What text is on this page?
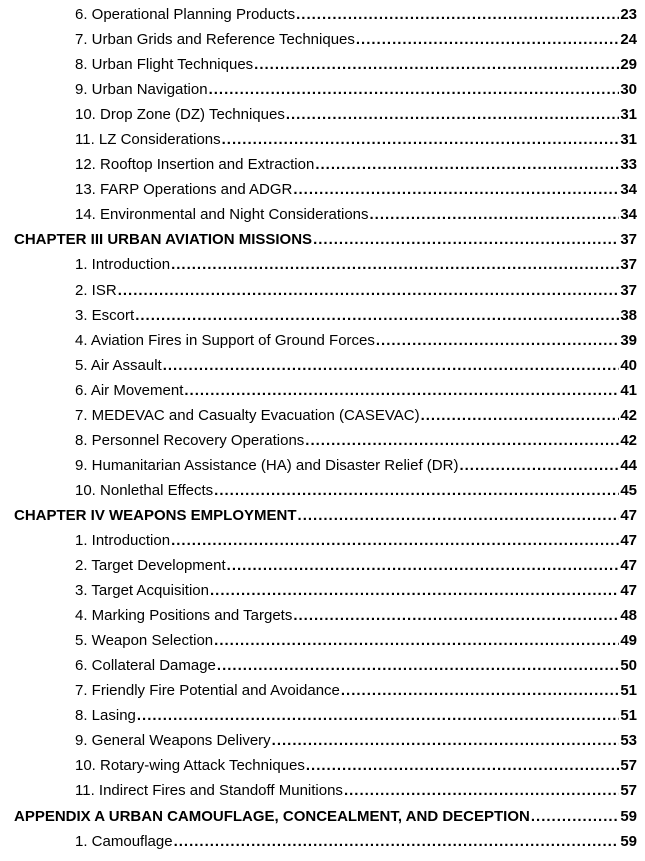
6. Operational Planning Products .....	23
7. Urban Grids and Reference Techniques .....	24
8. Urban Flight Techniques .....	29
9. Urban Navigation .....	30
10. Drop Zone (DZ) Techniques .....	31
11. LZ Considerations .....	31
12. Rooftop Insertion and Extraction .....	33
13. FARP Operations and ADGR .....	34
14. Environmental and Night Considerations .....	34
CHAPTER III URBAN AVIATION MISSIONS .....	37
1. Introduction .....	37
2. ISR .....	37
3. Escort .....	38
4. Aviation Fires in Support of Ground Forces .....	39
5. Air Assault .....	40
6. Air Movement .....	41
7. MEDEVAC and Casualty Evacuation (CASEVAC) .....	42
8. Personnel Recovery Operations .....	42
9. Humanitarian Assistance (HA) and Disaster Relief (DR) .....	44
10. Nonlethal Effects .....	45
CHAPTER IV WEAPONS EMPLOYMENT .....	47
1. Introduction .....	47
2. Target Development .....	47
3. Target Acquisition .....	47
4. Marking Positions and Targets .....	48
5. Weapon Selection .....	49
6. Collateral Damage .....	50
7. Friendly Fire Potential and Avoidance .....	51
8. Lasing .....	51
9. General Weapons Delivery .....	53
10. Rotary-wing Attack Techniques .....	57
11. Indirect Fires and Standoff Munitions .....	57
APPENDIX A URBAN CAMOUFLAGE, CONCEALMENT, AND DECEPTION .....	59
1. Camouflage .....	59
